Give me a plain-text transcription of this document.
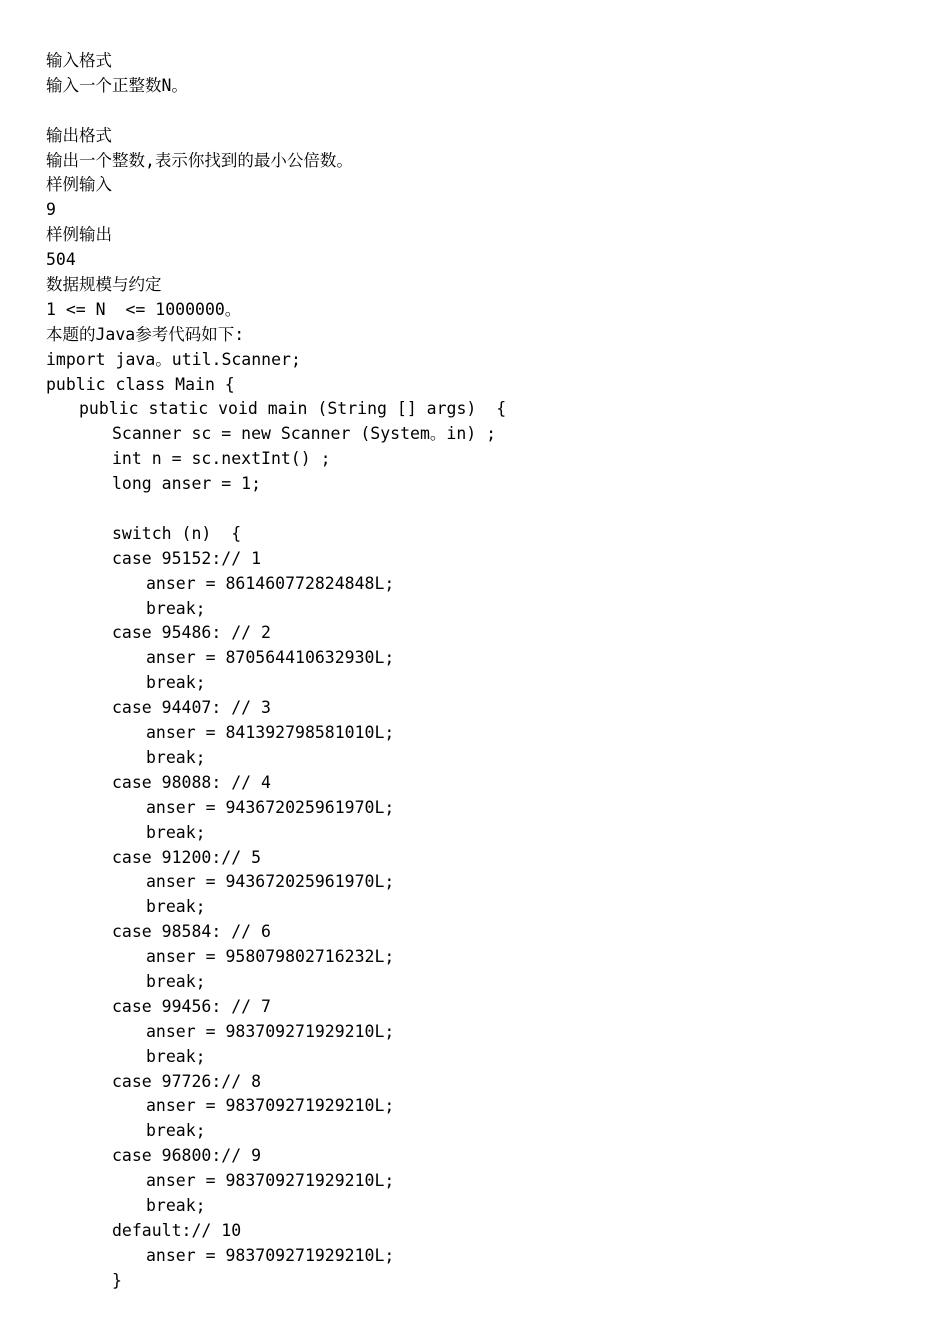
输入格式
输入一个正整数N。
输出格式
输出一个整数,表示你找到的最小公倍数。
样例输入
9
样例输出
504
数据规模与约定
1 <= N  <= 1000000。
本题的Java参考代码如下:
import java。util.Scanner;
public class Main {
public static void main (String [] args)  {
Scanner sc = new Scanner (System。in) ;
int n = sc.nextInt() ;
long anser = 1;
switch (n)  {
case 95152:// 1
anser = 861460772824848L;
break;
case 95486: // 2
anser = 870564410632930L;
break;
case 94407: // 3
anser = 841392798581010L;
break;
case 98088: // 4
anser = 943672025961970L;
break;
case 91200:// 5
anser = 943672025961970L;
break;
case 98584: // 6
anser = 958079802716232L;
break;
case 99456: // 7
anser = 983709271929210L;
break;
case 97726:// 8
anser = 983709271929210L;
break;
case 96800:// 9
anser = 983709271929210L;
break;
default:// 10
anser = 983709271929210L;
}
